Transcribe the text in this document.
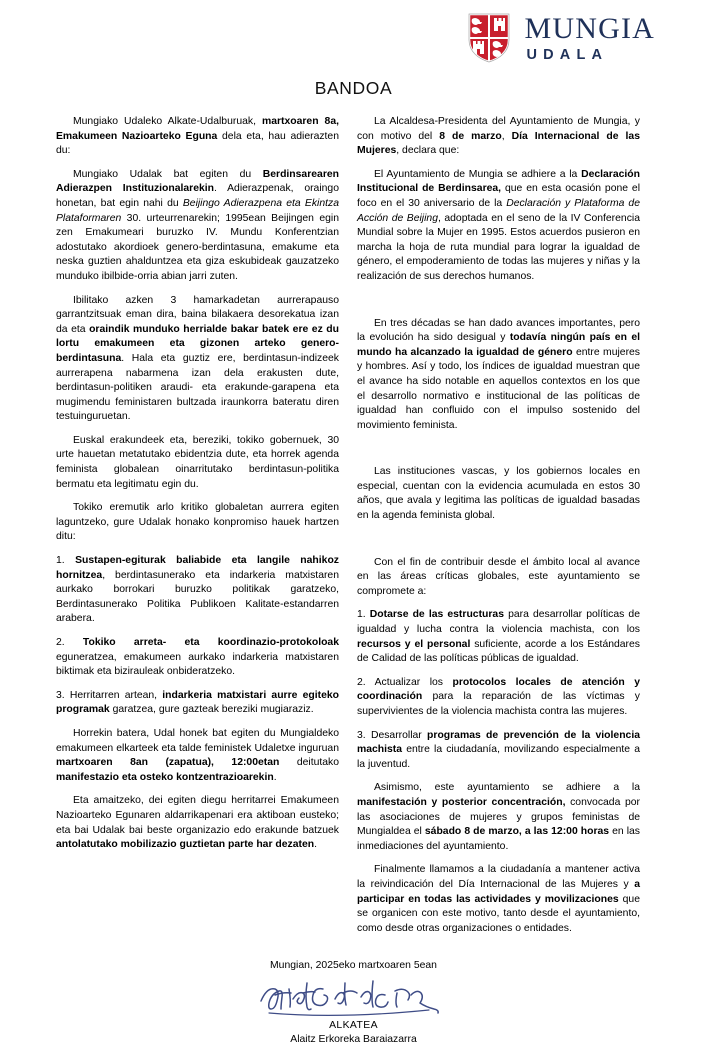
MUNGIA
UDALA
BANDOA

Mungiako Udaleko Alkate-Udalburuak, martxoaren 8a, Emakumeen Nazioarteko Eguna dela eta, hau adierazten du:

Mungiako Udalak bat egiten du Berdinsarearen Adierazpen Instituzionalarekin. Adierazpenak, oraingo honetan, bat egin nahi du Beijingo Adierazpena eta Ekintza Plataformaren 30. urteurrenarekin; 1995ean Beijingen egin zen Emakumeari buruzko IV. Mundu Konferentzian adostutako akordioek genero-berdintasuna, emakume eta neska guztien ahalduntzea eta giza eskubideak gauzatzeko munduko ibilbide-orria abian jarri zuten.

Ibilitako azken 3 hamarkadetan aurrerapauso garrantzitsuak eman dira, baina bilakaera desorekatua izan da eta oraindik munduko herrialde bakar batek ere ez du lortu emakumeen eta gizonen arteko genero-berdintasuna. Hala eta guztiz ere, berdintasun-indizeek aurrerapena nabarmena izan dela erakusten dute, berdintasun-politiken araudi- eta erakunde-garapena eta mugimendu feministaren bultzada iraunkorra bateratu diren testuinguruetan.

Euskal erakundeek eta, bereziki, tokiko gobernuek, 30 urte hauetan metatutako ebidentzia dute, eta horrek agenda feminista globalean oinarritutako berdintasun-politika bermatu eta legitimatu egin du.

Tokiko eremutik arlo kritiko globaletan aurrera egiten laguntzeko, gure Udalak honako konpromiso hauek hartzen ditu:

1. Sustapen-egiturak baliabide eta langile nahikoz hornitzea, berdintasunerako eta indarkeria matxistaren aurkako borrokari buruzko politikak garatzeko, Berdintasunerako Politika Publikoen Kalitate-estandarren arabera.

2. Tokiko arreta- eta koordinazio-protokoloak eguneratzea, emakumeen aurkako indarkeria matxistaren biktimak eta bizirauleak onbideratzeko.

3. Herritarren artean, indarkeria matxistari aurre egiteko programak garatzea, gure gazteak bereziki mugiaraziz.

Horrekin batera, Udal honek bat egiten du Mungialdeko emakumeen elkarteek eta talde feministek Udaletxe inguruan martxoaren 8an (zapatua), 12:00etan deitutako manifestazio eta osteko kontzentrazioarekin.

Eta amaitzeko, dei egiten diegu herritarrei Emakumeen Nazioarteko Egunaren aldarrikapenari era aktiboan eusteko; eta bai Udalak bai beste organizazio edo erakunde batzuek antolatutako mobilizazio guztietan parte har dezaten.

La Alcaldesa-Presidenta del Ayuntamiento de Mungia, y con motivo del 8 de marzo, Día Internacional de las Mujeres, declara que:

El Ayuntamiento de Mungia se adhiere a la Declaración Institucional de Berdinsarea, que en esta ocasión pone el foco en el 30 aniversario de la Declaración y Plataforma de Acción de Beijing, adoptada en el seno de la IV Conferencia Mundial sobre la Mujer en 1995. Estos acuerdos pusieron en marcha la hoja de ruta mundial para lograr la igualdad de género, el empoderamiento de todas las mujeres y niñas y la realización de sus derechos humanos.

En tres décadas se han dado avances importantes, pero la evolución ha sido desigual y todavía ningún país en el mundo ha alcanzado la igualdad de género entre mujeres y hombres. Así y todo, los índices de igualdad muestran que el avance ha sido notable en aquellos contextos en los que el desarrollo normativo e institucional de las políticas de igualdad han confluido con el impulso sostenido del movimiento feminista.

Las instituciones vascas, y los gobiernos locales en especial, cuentan con la evidencia acumulada en estos 30 años, que avala y legitima las políticas de igualdad basadas en la agenda feminista global.

Con el fin de contribuir desde el ámbito local al avance en las áreas críticas globales, este ayuntamiento se compromete a:

1. Dotarse de las estructuras para desarrollar políticas de igualdad y lucha contra la violencia machista, con los recursos y el personal suficiente, acorde a los Estándares de Calidad de las políticas públicas de igualdad.

2. Actualizar los protocolos locales de atención y coordinación para la reparación de las víctimas y supervivientes de la violencia machista contra las mujeres.

3. Desarrollar programas de prevención de la violencia machista entre la ciudadanía, movilizando especialmente a la juventud.

Asimismo, este ayuntamiento se adhiere a la manifestación y posterior concentración, convocada por las asociaciones de mujeres y grupos feministas de Mungialdea el sábado 8 de marzo, a las 12:00 horas en las inmediaciones del ayuntamiento.

Finalmente llamamos a la ciudadanía a mantener activa la reivindicación del Día Internacional de las Mujeres y a participar en todas las actividades y movilizaciones que se organicen con este motivo, tanto desde el ayuntamiento, como desde otras organizaciones o entidades.

Mungian, 2025eko martxoaren 5ean
ALKATEA
Alaitz Erkoreka Baraiazarra
